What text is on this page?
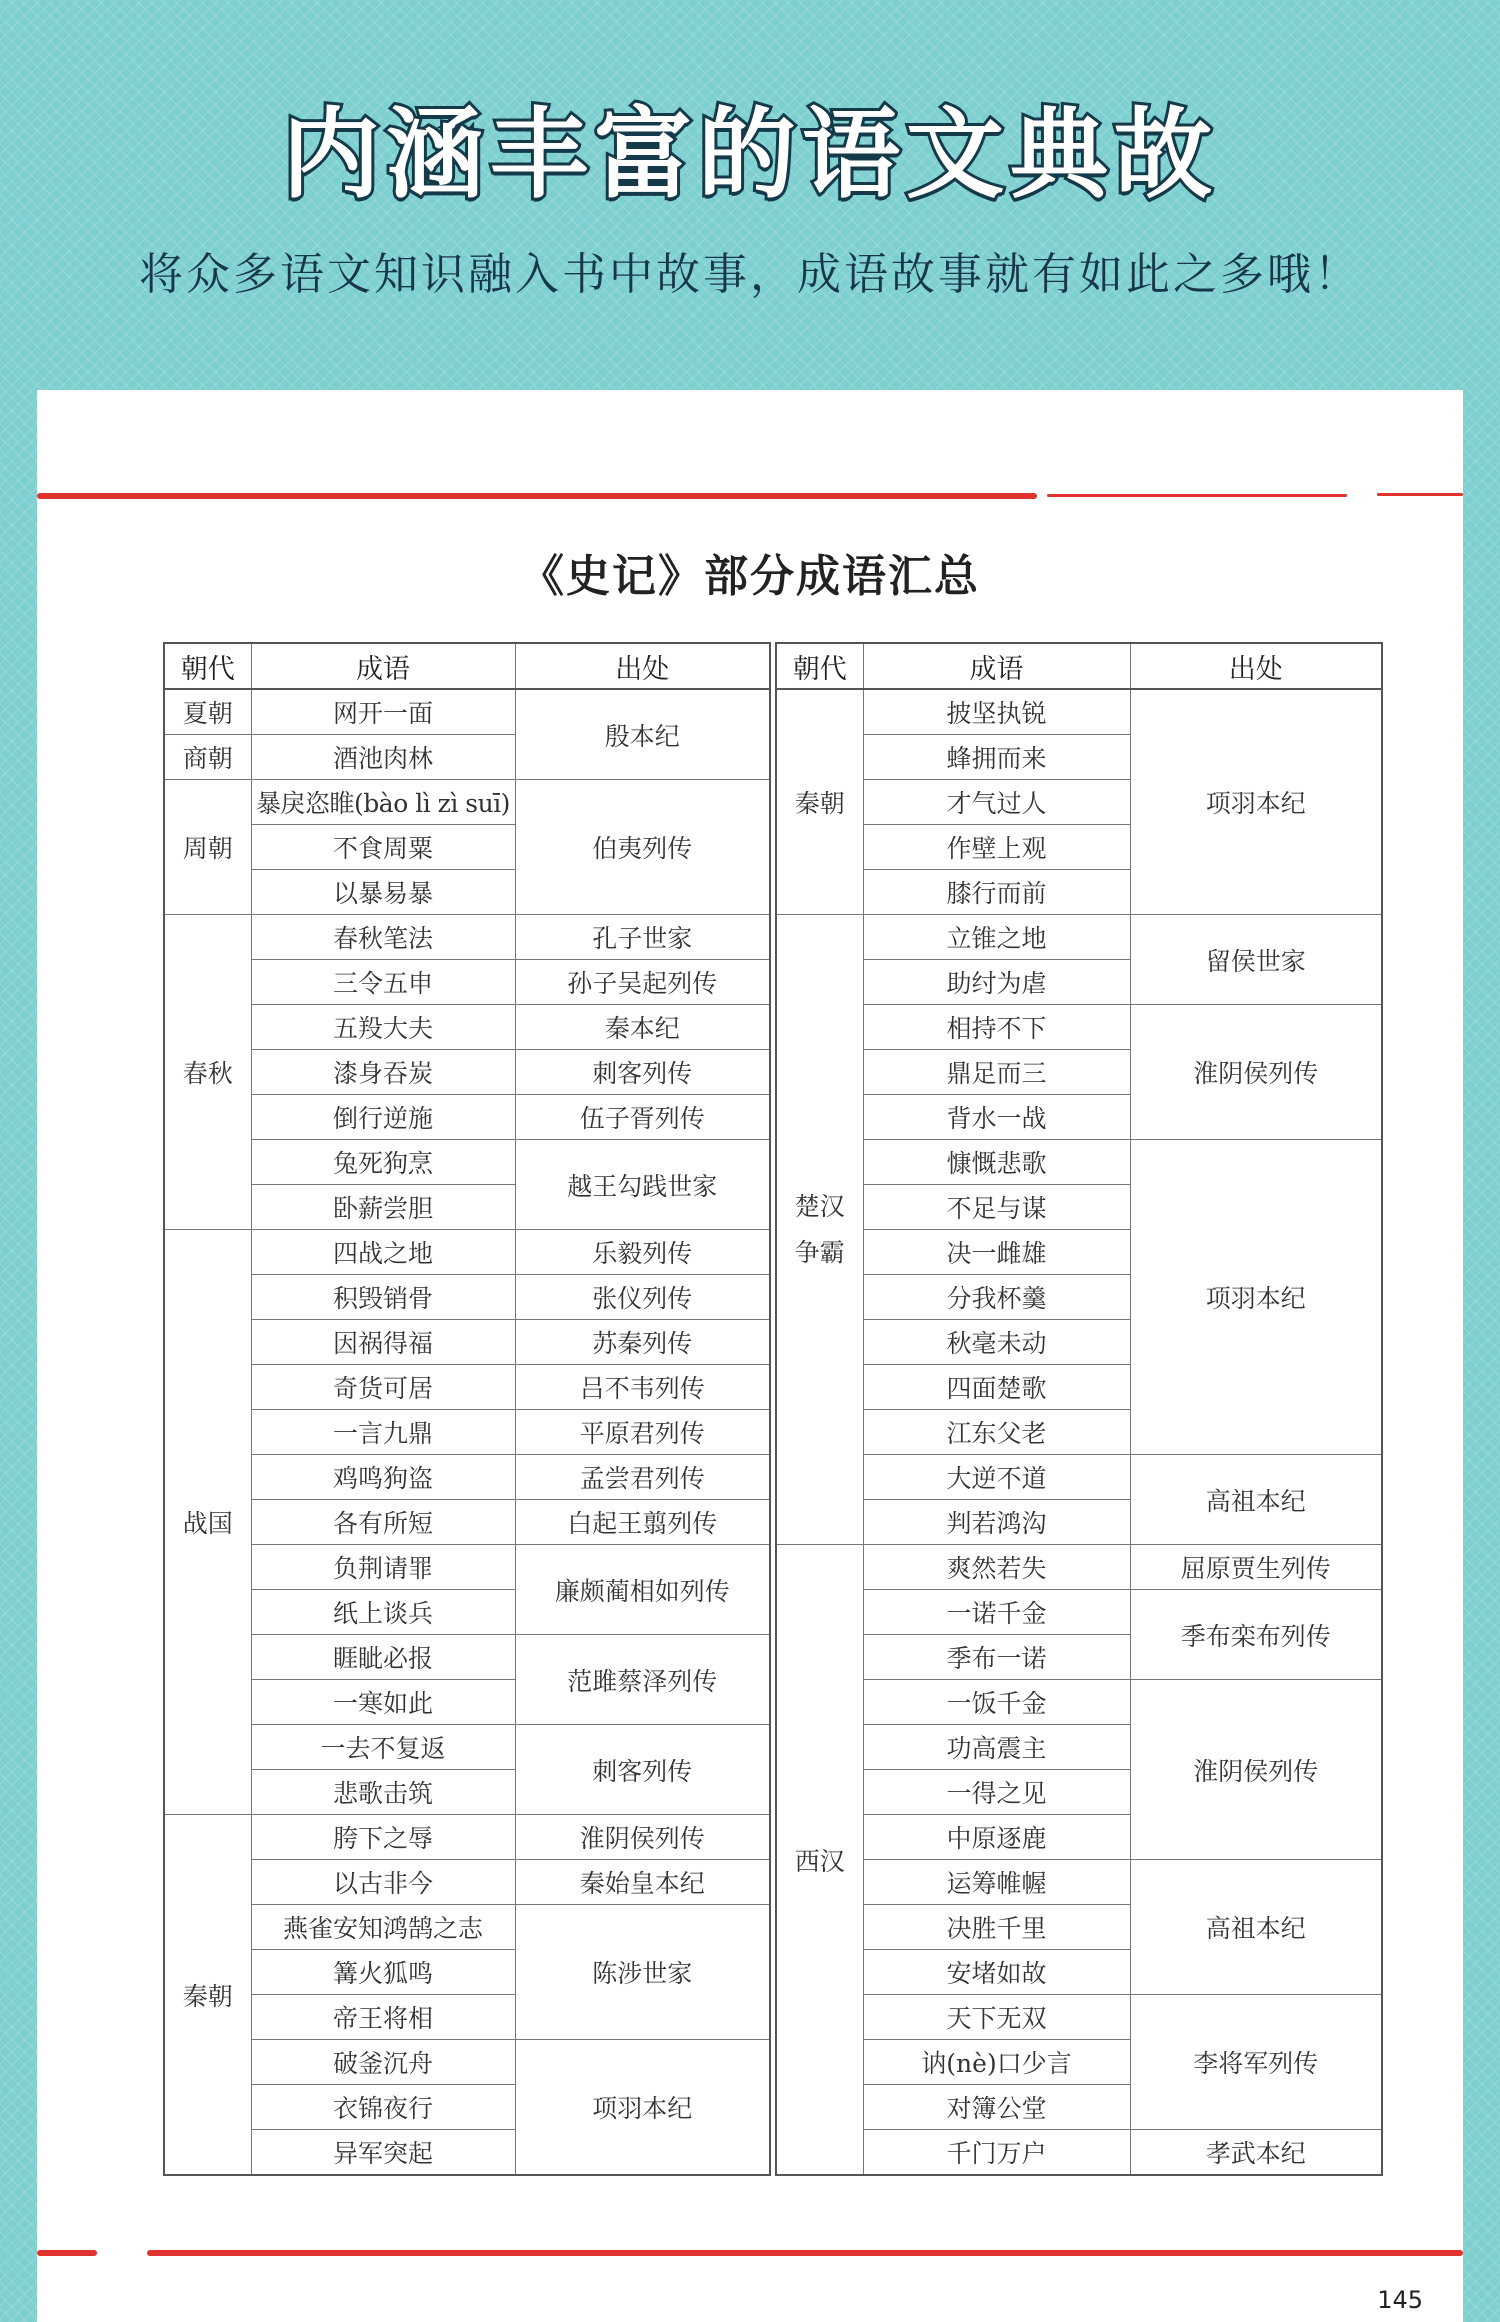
内涵丰富的语文典故
将众多语文知识融入书中故事，成语故事就有如此之多哦！
《史记》部分成语汇总
朝代	成语	出处
夏朝	网开一面	殷本纪
商朝	酒池肉林	
周朝	暴戾恣睢(bào lì zì suī)	伯夷列传
	不食周粟	
	以暴易暴	
春秋	春秋笔法	孔子世家
	三令五申	孙子吴起列传
	五羖大夫	秦本纪
	漆身吞炭	刺客列传
	倒行逆施	伍子胥列传
	兔死狗烹	越王勾践世家
	卧薪尝胆	
战国	四战之地	乐毅列传
	积毁销骨	张仪列传
	因祸得福	苏秦列传
	奇货可居	吕不韦列传
	一言九鼎	平原君列传
	鸡鸣狗盗	孟尝君列传
	各有所短	白起王翦列传
	负荆请罪	廉颇蔺相如列传
	纸上谈兵	
	睚眦必报	范雎蔡泽列传
	一寒如此	
	一去不复返	刺客列传
	悲歌击筑	
秦朝	胯下之辱	淮阴侯列传
	以古非今	秦始皇本纪
	燕雀安知鸿鹄之志	陈涉世家
	篝火狐鸣	
	帝王将相	
	破釜沉舟	项羽本纪
	衣锦夜行	
	异军突起	
朝代	成语	出处
秦朝	披坚执锐	项羽本纪
	蜂拥而来	
	才气过人	
	作壁上观	
	膝行而前	
楚汉争霸	立锥之地	留侯世家
	助纣为虐	
	相持不下	淮阴侯列传
	鼎足而三	
	背水一战	
	慷慨悲歌	项羽本纪
	不足与谋	
	决一雌雄	
	分我杯羹	
	秋毫未动	
	四面楚歌	
	江东父老	
	大逆不道	高祖本纪
	判若鸿沟	
西汉	爽然若失	屈原贾生列传
	一诺千金	季布栾布列传
	季布一诺	
	一饭千金	淮阴侯列传
	功高震主	
	一得之见	
	中原逐鹿	
	运筹帷幄	高祖本纪
	决胜千里	
	安堵如故	
	天下无双	李将军列传
	讷(nè)口少言	
	对簿公堂	
	千门万户	孝武本纪
145
